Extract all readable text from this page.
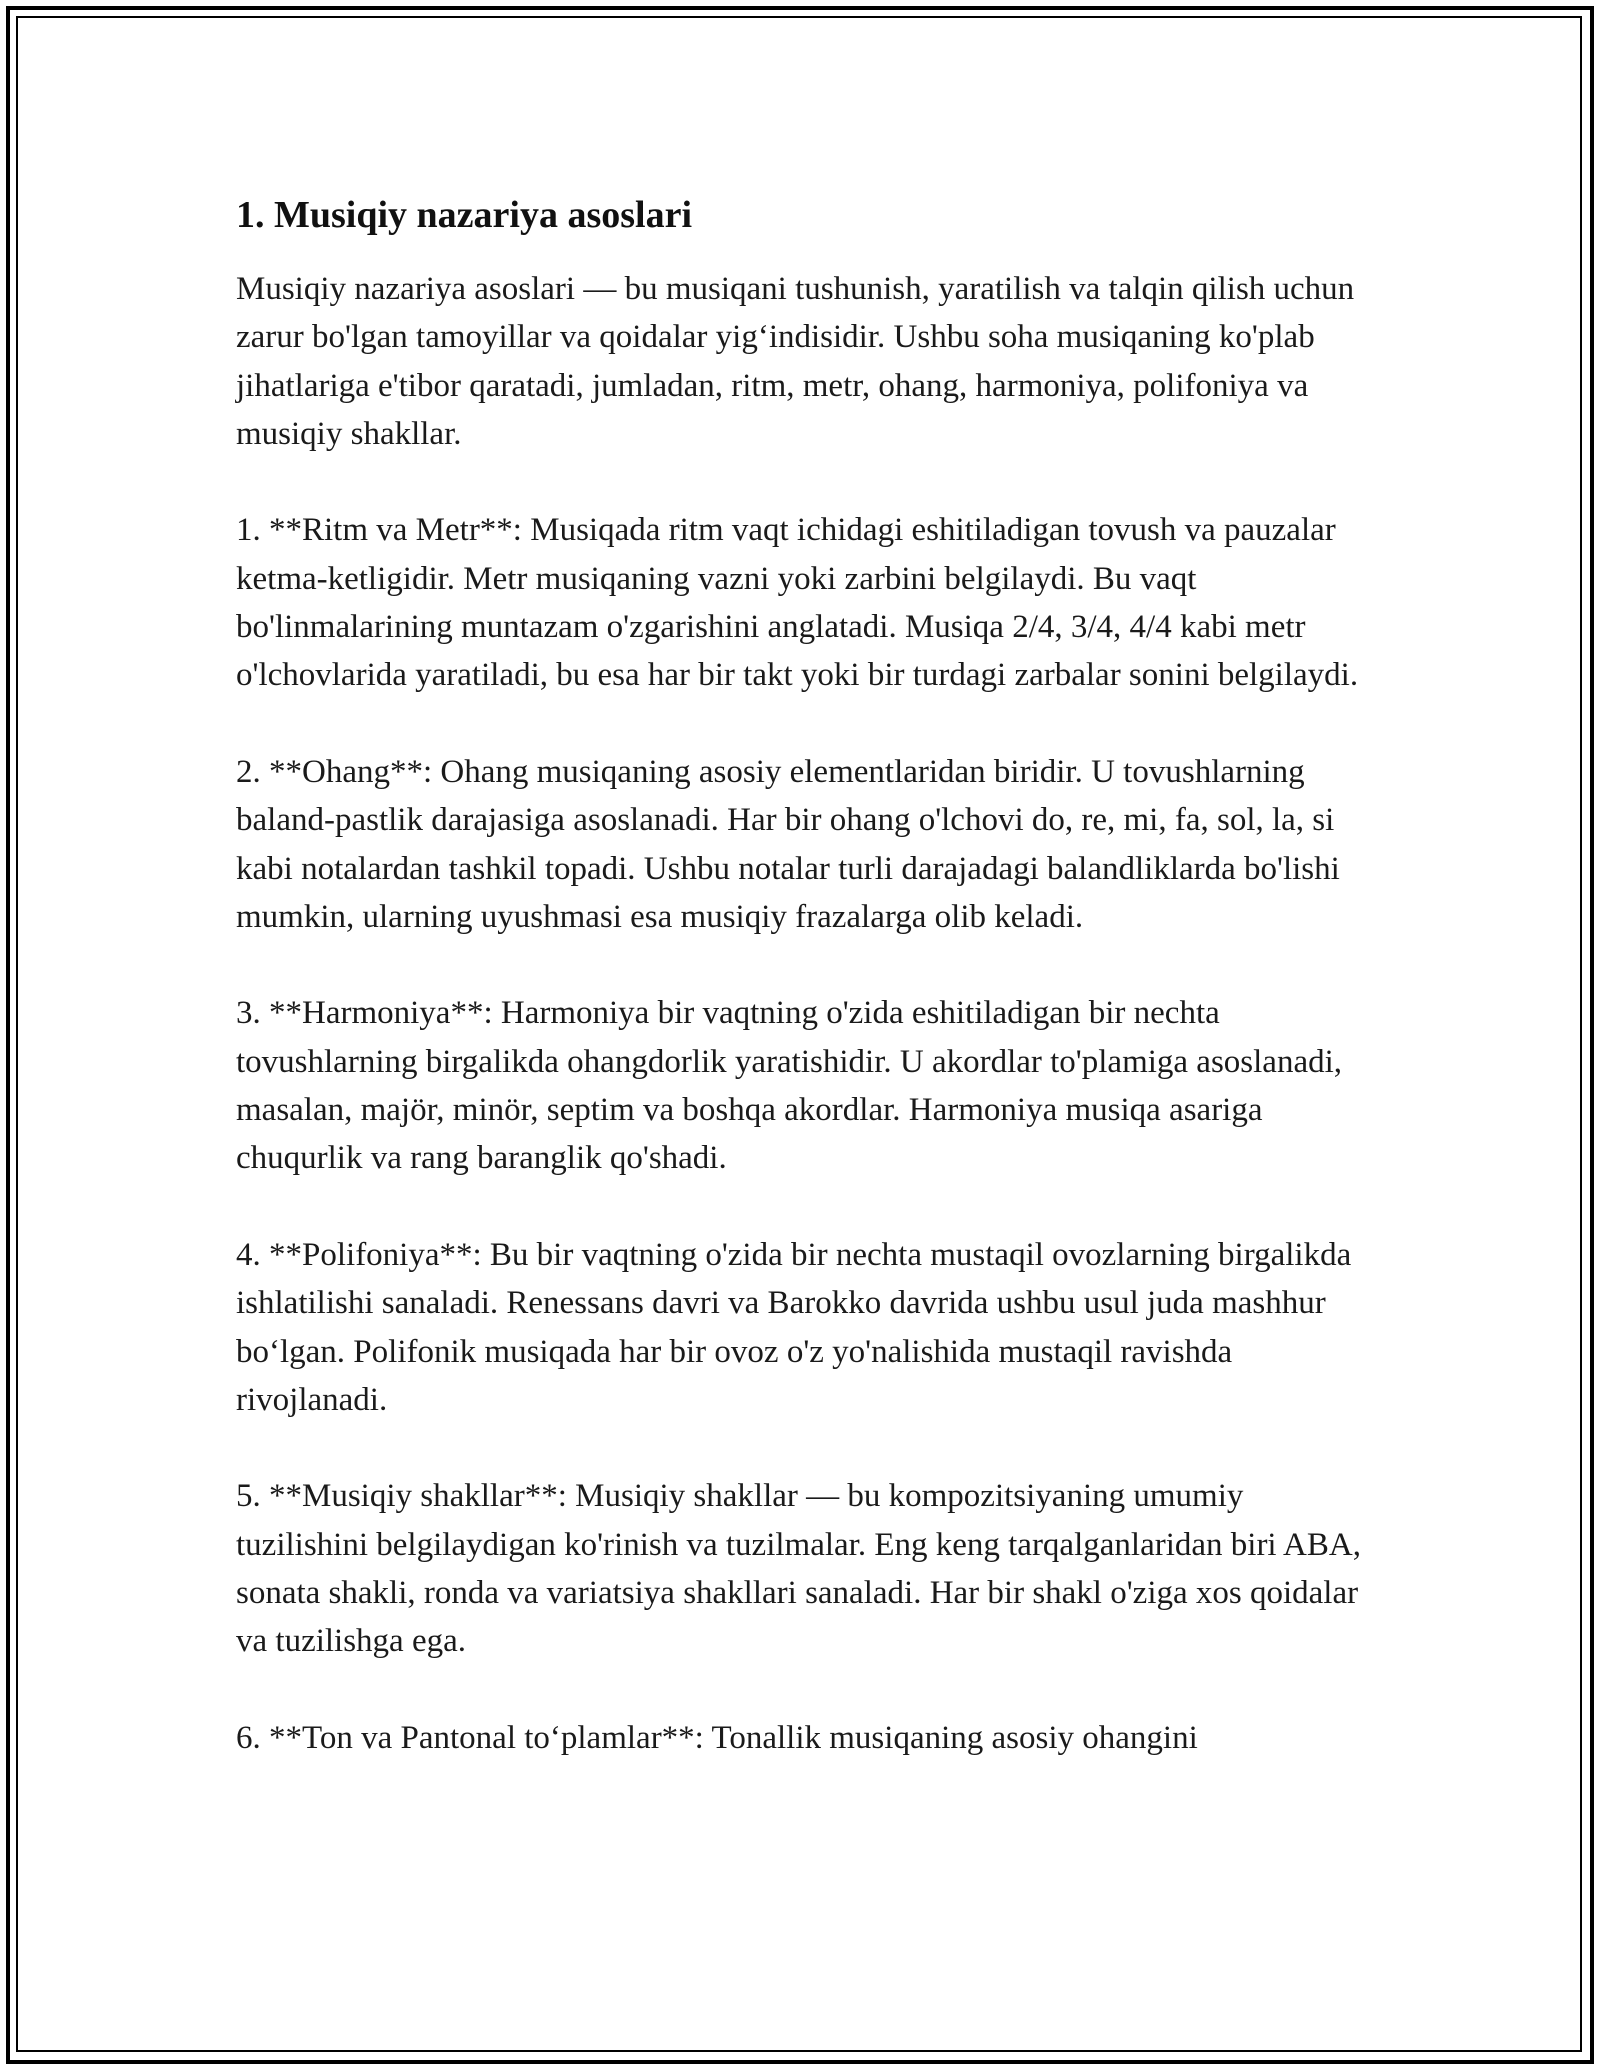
1. Musiqiy nazariya asoslari

Musiqiy nazariya asoslari — bu musiqani tushunish, yaratilish va talqin qilish uchun zarur bo'lgan tamoyillar va qoidalar yig‘indisidir. Ushbu soha musiqaning ko'plab jihatlariga e'tibor qaratadi, jumladan, ritm, metr, ohang, harmoniya, polifoniya va musiqiy shakllar.

1. **Ritm va Metr**: Musiqada ritm vaqt ichidagi eshitiladigan tovush va pauzalar ketma-ketligidir. Metr musiqaning vazni yoki zarbini belgilaydi. Bu vaqt bo'linmalarining muntazam o'zgarishini anglatadi. Musiqa 2/4, 3/4, 4/4 kabi metr o'lchovlarida yaratiladi, bu esa har bir takt yoki bir turdagi zarbalar sonini belgilaydi.

2. **Ohang**: Ohang musiqaning asosiy elementlaridan biridir. U tovushlarning baland-pastlik darajasiga asoslanadi. Har bir ohang o'lchovi do, re, mi, fa, sol, la, si kabi notalardan tashkil topadi. Ushbu notalar turli darajadagi balandliklarda bo'lishi mumkin, ularning uyushmasi esa musiqiy frazalarga olib keladi.

3. **Harmoniya**: Harmoniya bir vaqtning o'zida eshitiladigan bir nechta tovushlarning birgalikda ohangdorlik yaratishidir. U akordlar to'plamiga asoslanadi, masalan, majör, minör, septim va boshqa akordlar. Harmoniya musiqa asariga chuqurlik va rang baranglik qo'shadi.

4. **Polifoniya**: Bu bir vaqtning o'zida bir nechta mustaqil ovozlarning birgalikda ishlatilishi sanaladi. Renessans davri va Barokko davrida ushbu usul juda mashhur bo‘lgan. Polifonik musiqada har bir ovoz o'z yo'nalishida mustaqil ravishda rivojlanadi.

5. **Musiqiy shakllar**: Musiqiy shakllar — bu kompozitsiyaning umumiy tuzilishini belgilaydigan ko'rinish va tuzilmalar. Eng keng tarqalganlaridan biri ABA, sonata shakli, ronda va variatsiya shakllari sanaladi. Har bir shakl o'ziga xos qoidalar va tuzilishga ega.

6. **Ton va Pantonal to‘plamlar**: Tonallik musiqaning asosiy ohangini
